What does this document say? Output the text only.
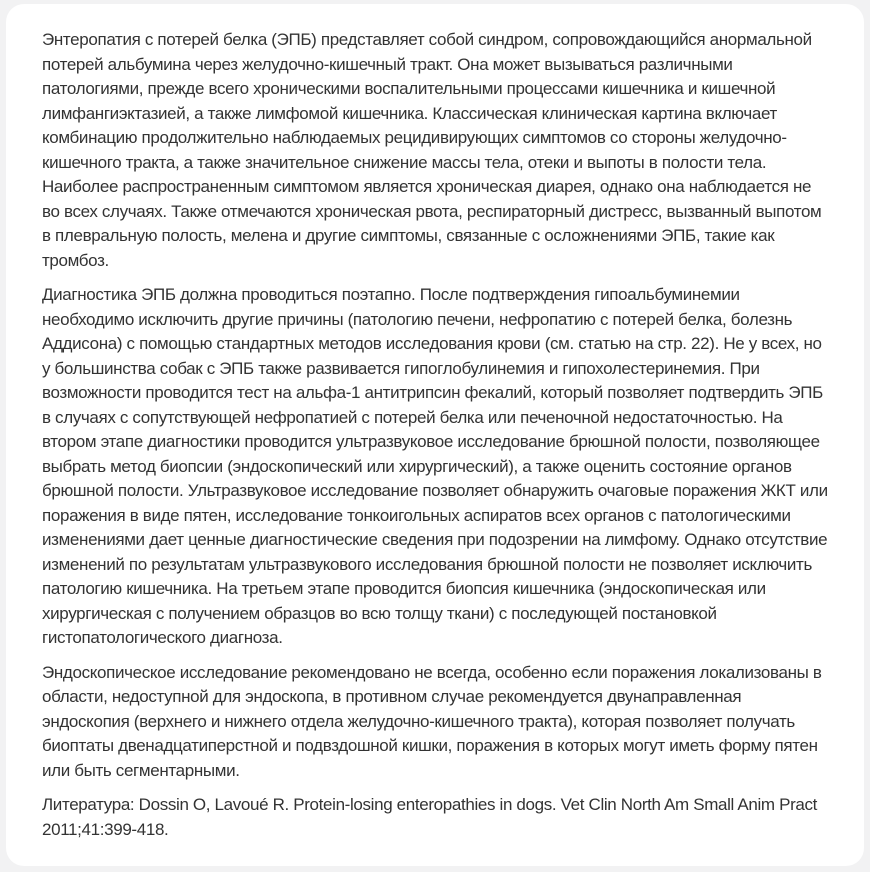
Энтеропатия с потерей белка (ЭПБ) представляет собой синдром, сопровождающийся анормальной потерей альбумина через желудочно-кишечный тракт. Она может вызываться различными патологиями, прежде всего хроническими воспалительными процессами кишечника и кишечной лимфангиэктазией, а также лимфомой кишечника. Классическая клиническая картина включает комбинацию продолжительно наблюдаемых рецидивирующих симптомов со стороны желудочно-кишечного тракта, а также значительное снижение массы тела, отеки и выпоты в полости тела. Наиболее распространенным симптомом является хроническая диарея, однако она наблюдается не во всех случаях. Также отмечаются хроническая рвота, респираторный дистресс, вызванный выпотом в плевральную полость, мелена и другие симптомы, связанные с осложнениями ЭПБ, такие как тромбоз.

Диагностика ЭПБ должна проводиться поэтапно. После подтверждения гипоальбуминемии необходимо исключить другие причины (патологию печени, нефропатию с потерей белка, болезнь Аддисона) с помощью стандартных методов исследования крови (см. статью на стр. 22). Не у всех, но у большинства собак с ЭПБ также развивается гипоглобулинемия и гипохолестеринемия. При возможности проводится тест на альфа-1 антитрипсин фекалий, который позволяет подтвердить ЭПБ в случаях с сопутствующей нефропатией с потерей белка или печеночной недостаточностью. На втором этапе диагностики проводится ультразвуковое исследование брюшной полости, позволяющее выбрать метод биопсии (эндоскопический или хирургический), а также оценить состояние органов брюшной полости. Ультразвуковое исследование позволяет обнаружить очаговые поражения ЖКТ или поражения в виде пятен, исследование тонкоигольных аспиратов всех органов с патологическими изменениями дает ценные диагностические сведения при подозрении на лимфому. Однако отсутствие изменений по результатам ультразвукового исследования брюшной полости не позволяет исключить патологию кишечника. На третьем этапе проводится биопсия кишечника (эндоскопическая или хирургическая с получением образцов во всю толщу ткани) с последующей постановкой гистопатологического диагноза.

Эндоскопическое исследование рекомендовано не всегда, особенно если поражения локализованы в области, недоступной для эндоскопа, в противном случае рекомендуется двунаправленная эндоскопия (верхнего и нижнего отдела желудочно-кишечного тракта), которая позволяет получать биоптаты двенадцатиперстной и подвздошной кишки, поражения в которых могут иметь форму пятен или быть сегментарными.

Литература: Dossin O, Lavoué R. Protein-losing enteropathies in dogs. Vet Clin North Am Small Anim Pract 2011;41:399-418.
